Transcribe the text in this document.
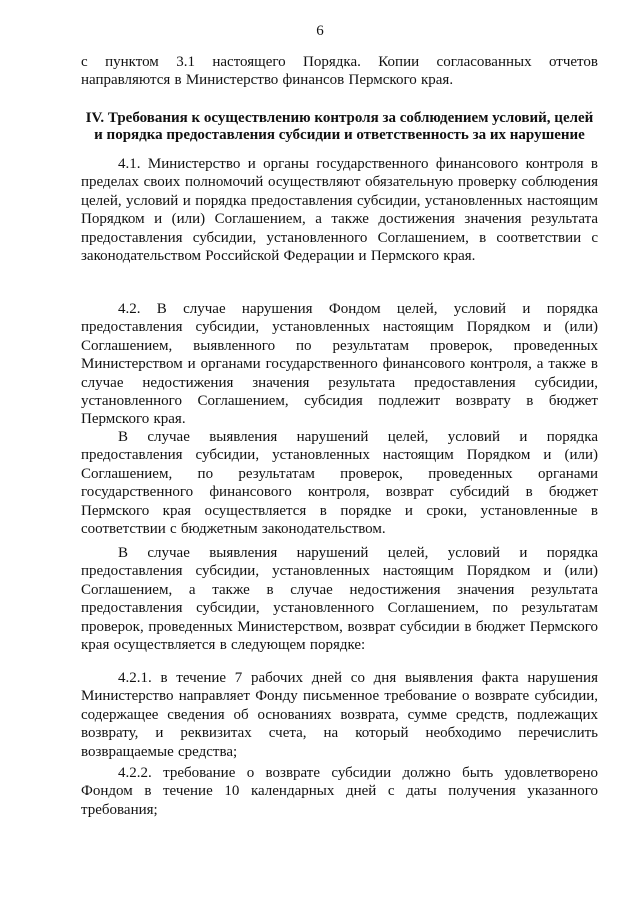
6

с пунктом 3.1 настоящего Порядка. Копии согласованных отчетов направляются в Министерство финансов Пермского края.

IV. Требования к осуществлению контроля за соблюдением условий, целей
и порядка предоставления субсидии и ответственность за их нарушение

4.1. Министерство и органы государственного финансового контроля в пределах своих полномочий осуществляют обязательную проверку соблюдения целей, условий и порядка предоставления субсидии, установленных настоящим Порядком и (или) Соглашением, а также достижения значения результата предоставления субсидии, установленного Соглашением, в соответствии с законодательством Российской Федерации и Пермского края.

4.2. В случае нарушения Фондом целей, условий и порядка предоставления субсидии, установленных настоящим Порядком и (или) Соглашением, выявленного по результатам проверок, проведенных Министерством и органами государственного финансового контроля, а также в случае недостижения значения результата предоставления субсидии, установленного Соглашением, субсидия подлежит возврату в бюджет Пермского края.

В случае выявления нарушений целей, условий и порядка предоставления субсидии, установленных настоящим Порядком и (или) Соглашением, по результатам проверок, проведенных органами государственного финансового контроля, возврат субсидий в бюджет Пермского края осуществляется в порядке и сроки, установленные в соответствии с бюджетным законодательством.

В случае выявления нарушений целей, условий и порядка предоставления субсидии, установленных настоящим Порядком и (или) Соглашением, а также в случае недостижения значения результата предоставления субсидии, установленного Соглашением, по результатам проверок, проведенных Министерством, возврат субсидии в бюджет Пермского края осуществляется в следующем порядке:

4.2.1. в течение 7 рабочих дней со дня выявления факта нарушения Министерство направляет Фонду письменное требование о возврате субсидии, содержащее сведения об основаниях возврата, сумме средств, подлежащих возврату, и реквизитах счета, на который необходимо перечислить возвращаемые средства;

4.2.2. требование о возврате субсидии должно быть удовлетворено Фондом в течение 10 календарных дней с даты получения указанного требования;
